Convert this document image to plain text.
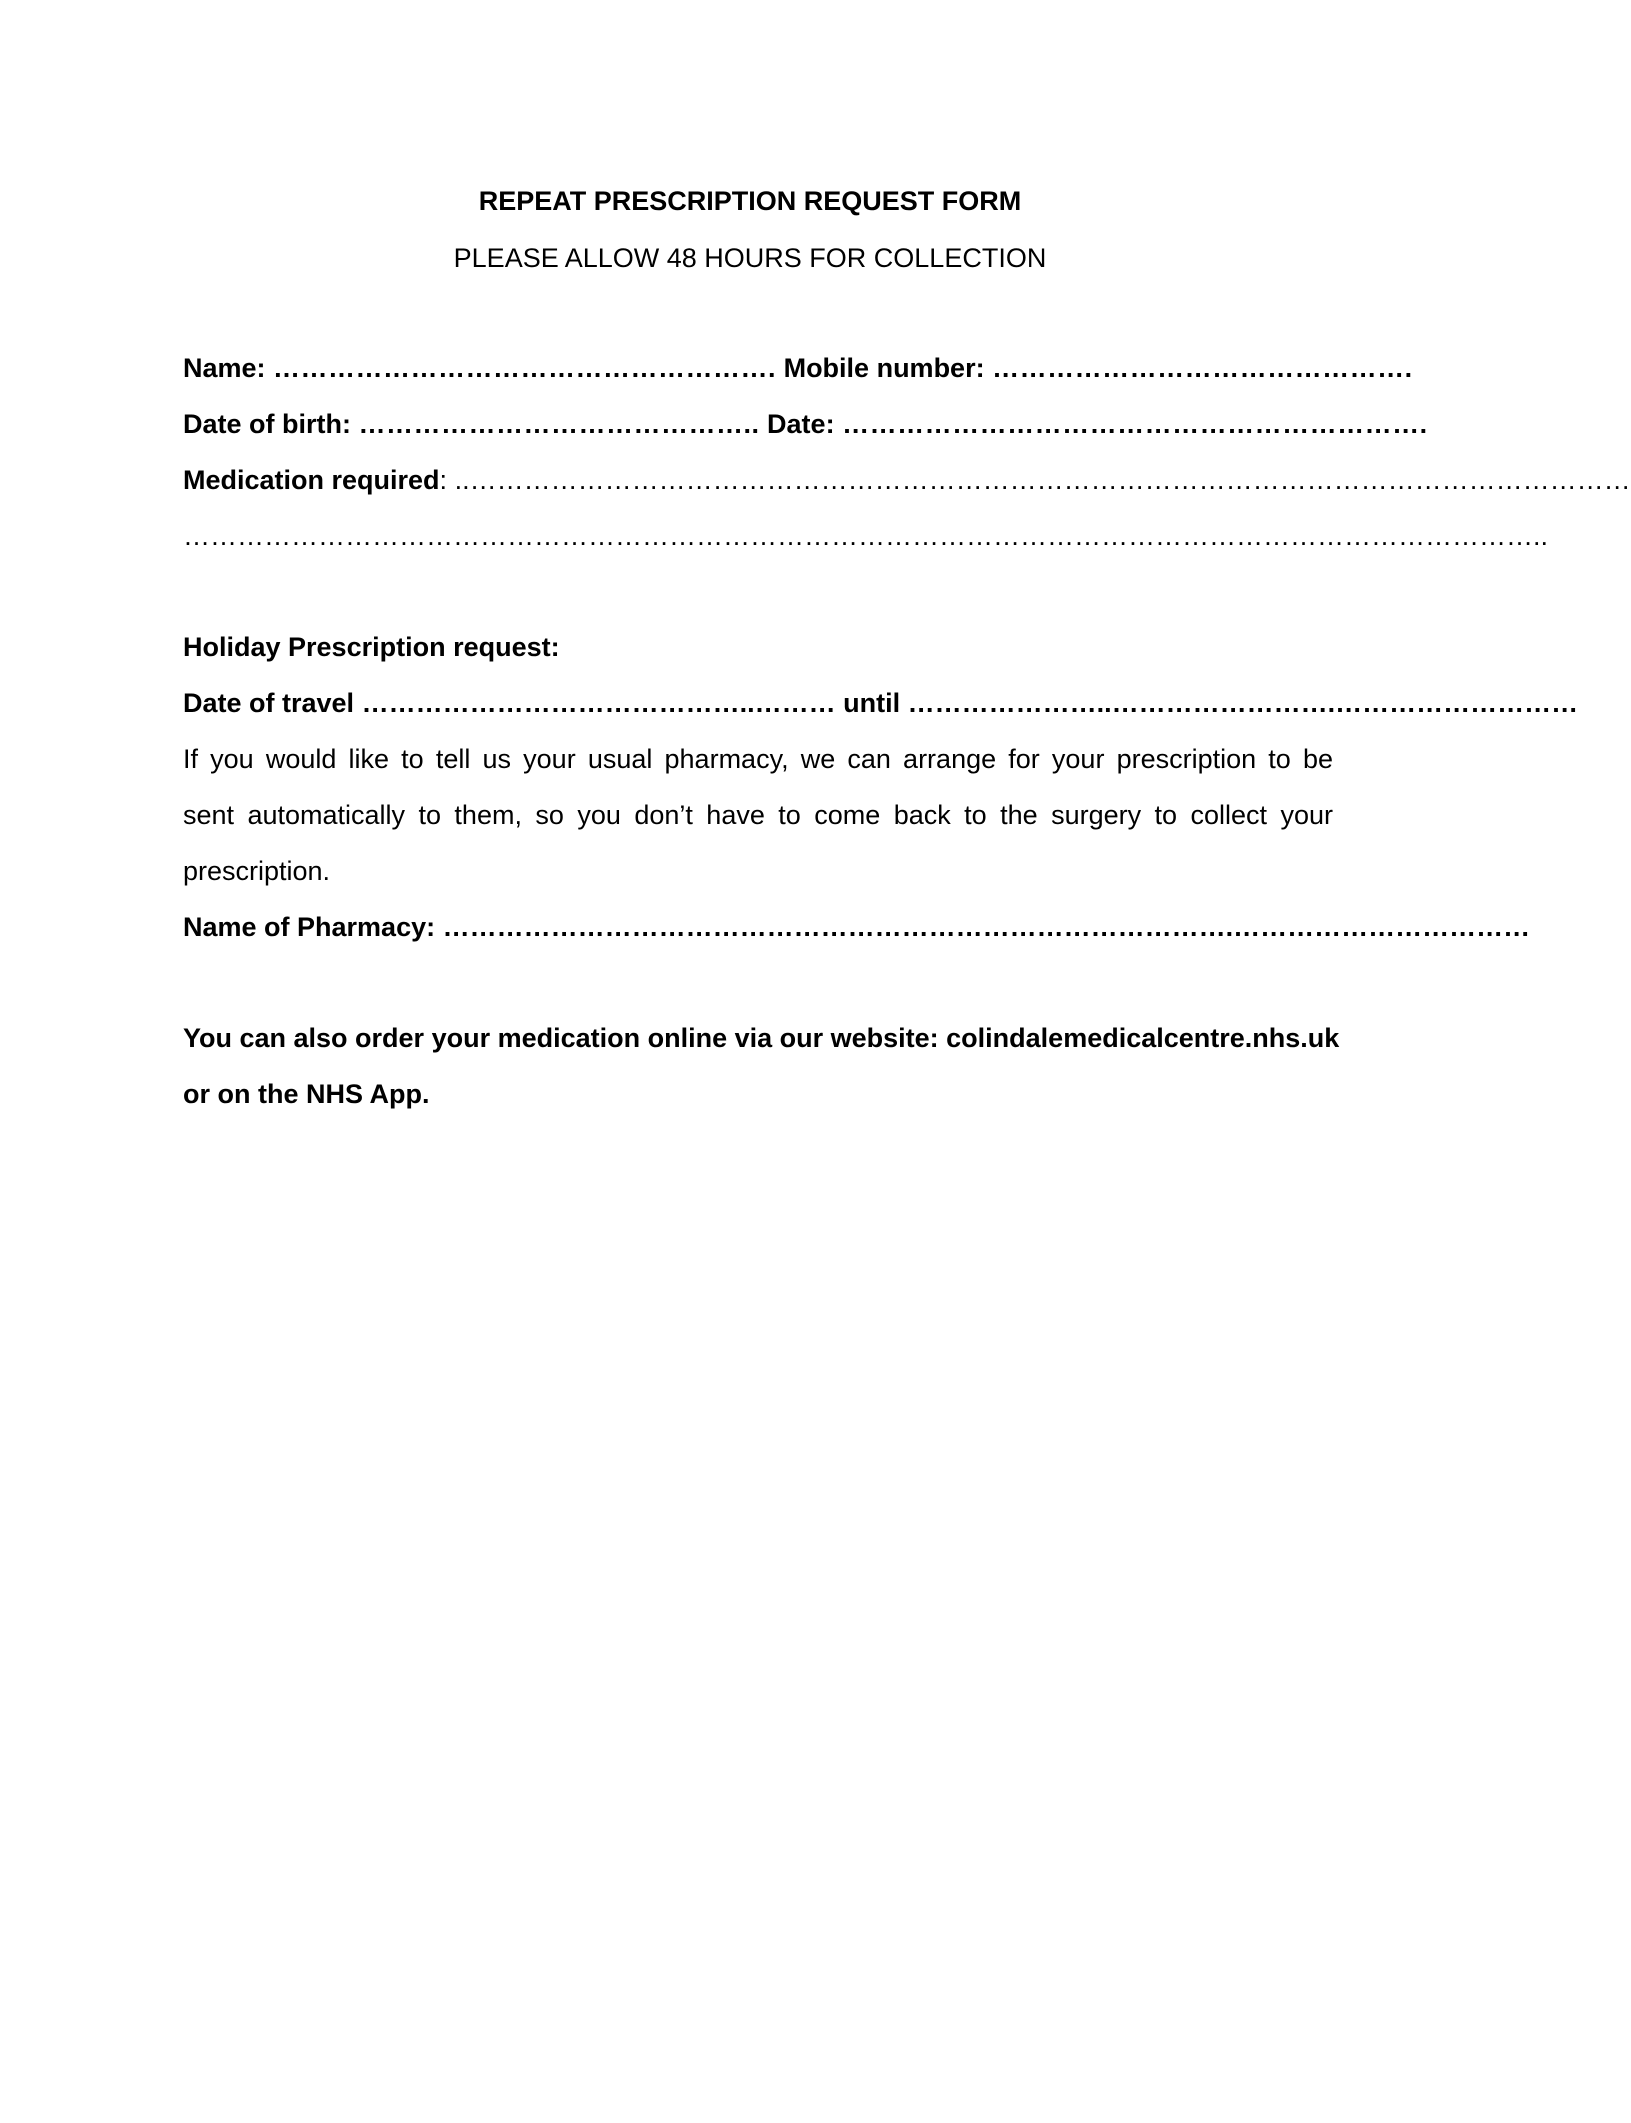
REPEAT PRESCRIPTION REQUEST FORM
PLEASE ALLOW 48 HOURS FOR COLLECTION
Name: ………………………………………………. Mobile number: ……………………………………….
Date of birth: …………………………………….. Date: ……………………………………………………….
Medication required: ..…………………………………………………………………………………………………………………
……………………………………………………………………………………………………………………………………..
Holiday Prescription request:
Date of travel ……………………………………..……… until …………………..…………………….………………………
If you would like to tell us your usual pharmacy, we can arrange for your prescription to be
sent automatically to them, so you don’t have to come back to the surgery to collect your
prescription.
Name of Pharmacy: …………………………………………………………………………….……………………………
You can also order your medication online via our website: colindalemedicalcentre.nhs.uk
or on the NHS App.
